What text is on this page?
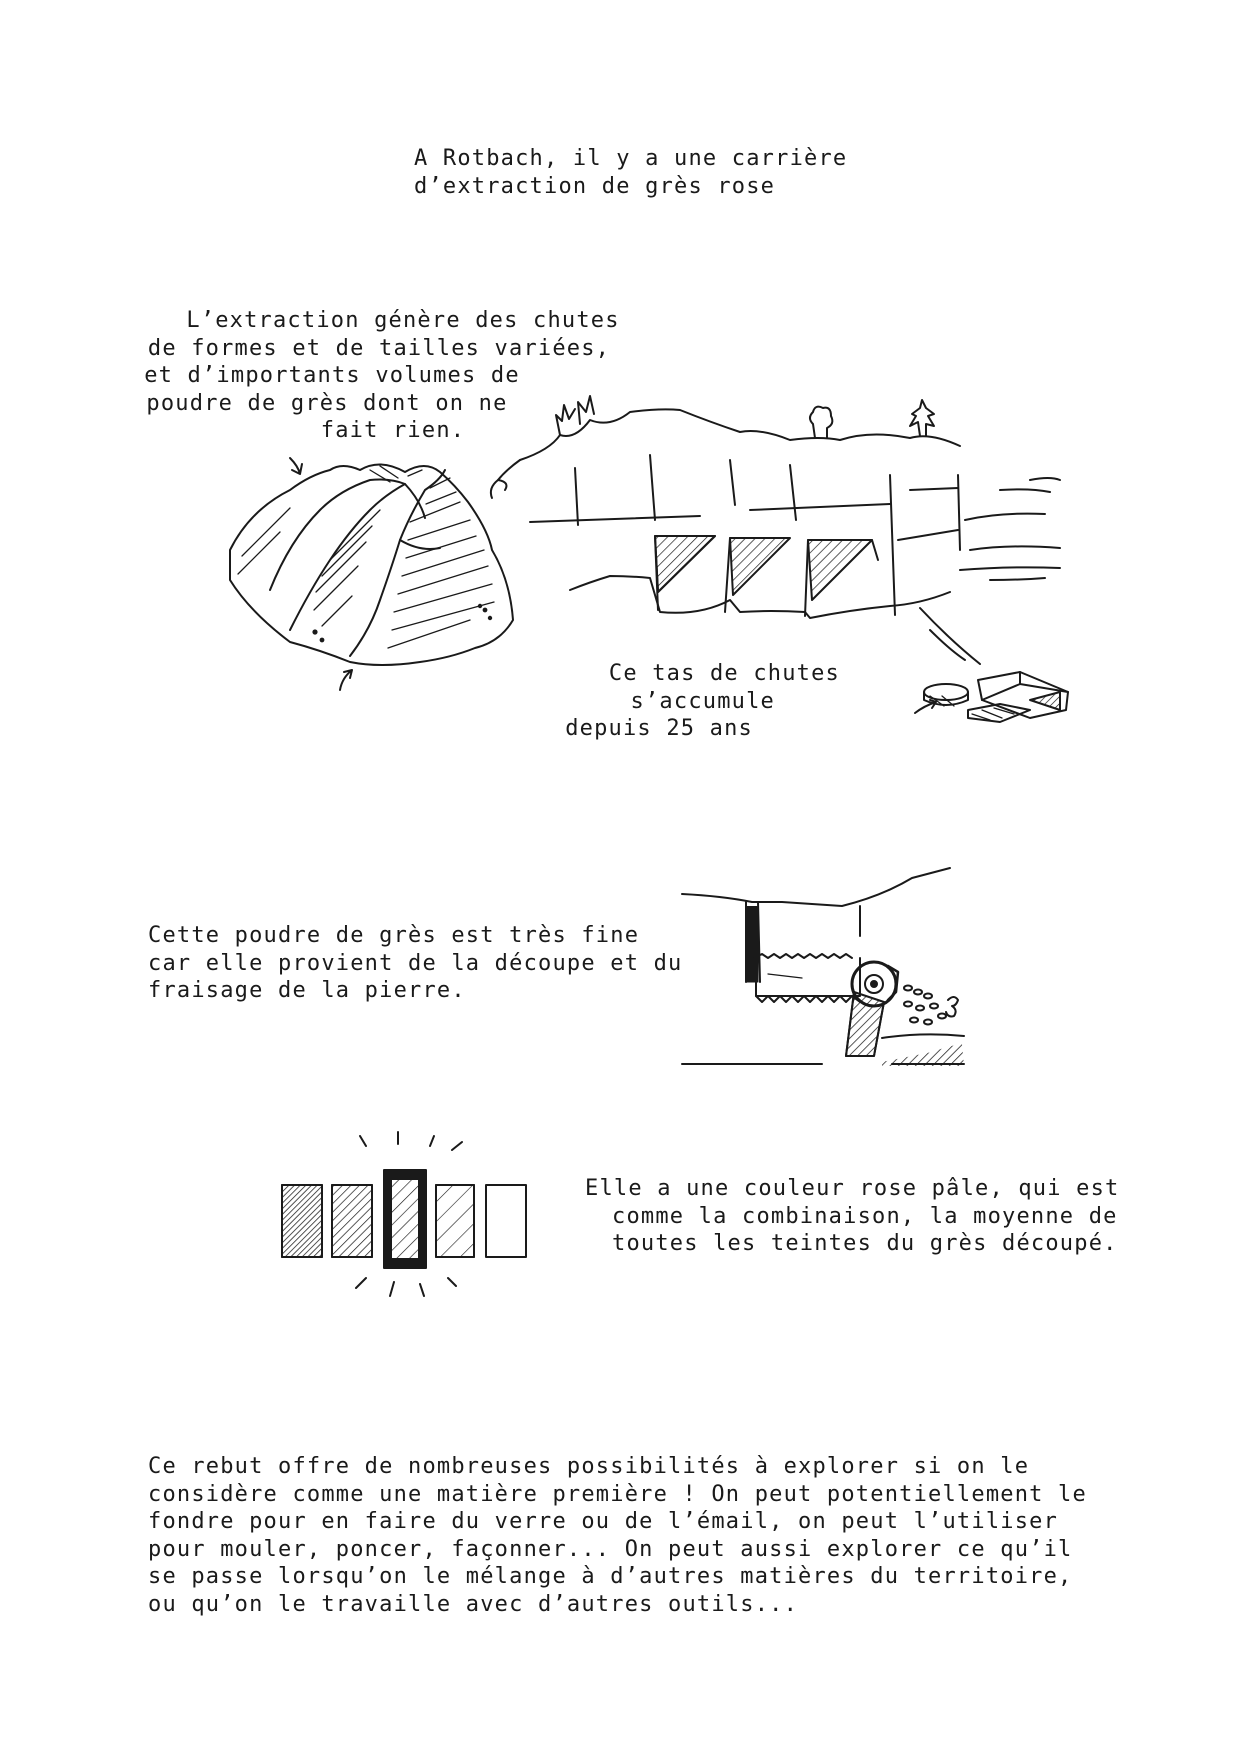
A Rotbach, il y a une carrière
d’extraction de grès rose
L’extraction génère des chutes
de formes et de tailles variées,
et d’importants volumes de
poudre de grès dont on ne
fait rien.
Ce tas de chutes
s’accumule
depuis 25 ans
Cette poudre de grès est très fine
car elle provient de la découpe et du
fraisage de la pierre.
Elle a une couleur rose pâle, qui est
comme la combinaison, la moyenne de
toutes les teintes du grès découpé.
Ce rebut offre de nombreuses possibilités à explorer si on le
considère comme une matière première ! On peut potentiellement le
fondre pour en faire du verre ou de l’émail, on peut l’utiliser
pour mouler, poncer, façonner... On peut aussi explorer ce qu’il
se passe lorsqu’on le mélange à d’autres matières du territoire,
ou qu’on le travaille avec d’autres outils...
